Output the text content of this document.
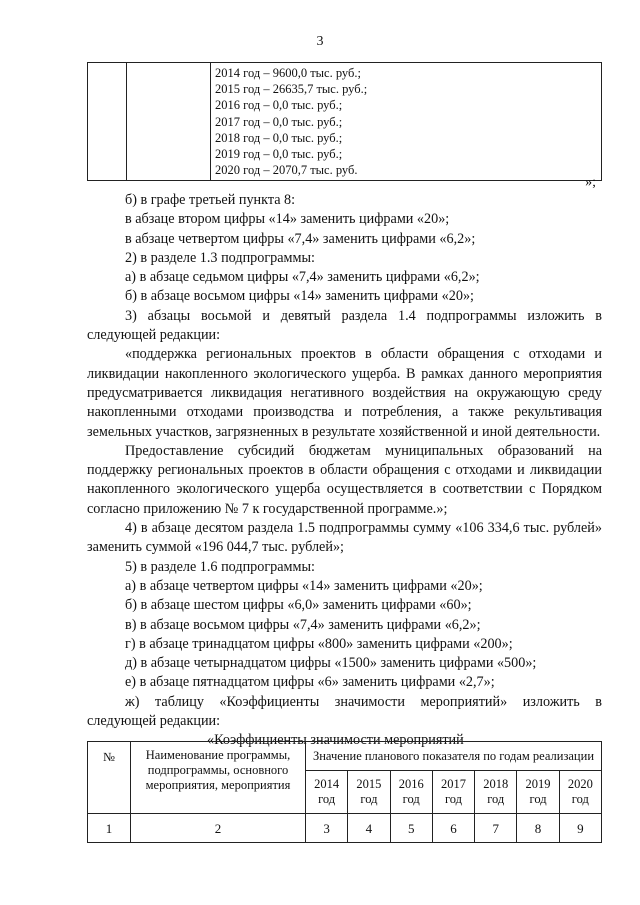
3

2014 год – 9600,0 тыс. руб.;
2015 год – 26635,7 тыс. руб.;
2016 год – 0,0 тыс. руб.;
2017 год – 0,0 тыс. руб.;
2018 год – 0,0 тыс. руб.;
2019 год – 0,0 тыс. руб.;
2020 год – 2070,7 тыс. руб.
»;

б) в графе третьей пункта 8:

в абзаце втором цифры «14» заменить цифрами «20»;

в абзаце четвертом цифры «7,4» заменить цифрами «6,2»;

2) в разделе 1.3 подпрограммы:

а) в абзаце седьмом цифры «7,4» заменить цифрами «6,2»;

б) в абзаце восьмом цифры «14» заменить цифрами «20»;

3) абзацы восьмой и девятый раздела 1.4 подпрограммы изложить в следующей редакции:

«поддержка региональных проектов в области обращения с отходами и ликвидации накопленного экологического ущерба. В рамках данного мероприятия предусматривается ликвидация негативного воздействия на окружающую среду накопленными отходами производства и потребления, а также рекультивация земельных участков, загрязненных в результате хозяйственной и иной деятельности.

Предоставление субсидий бюджетам муниципальных образований на поддержку региональных проектов в области обращения с отходами и ликвидации накопленного экологического ущерба осуществляется в соответствии с Порядком согласно приложению № 7 к государственной программе.»;

4) в абзаце десятом раздела 1.5 подпрограммы сумму «106 334,6 тыс. рублей» заменить суммой «196 044,7 тыс. рублей»;

5) в разделе 1.6 подпрограммы:

а) в абзаце четвертом цифры «14» заменить цифрами «20»;

б) в абзаце шестом цифры «6,0» заменить цифрами «60»;

в) в абзаце восьмом цифры «7,4» заменить цифрами «6,2»;

г) в абзаце тринадцатом цифры «800» заменить цифрами «200»;

д) в абзаце четырнадцатом цифры «1500» заменить цифрами «500»;

е) в абзаце пятнадцатом цифры «6» заменить цифрами «2,7»;

ж) таблицу «Коэффициенты значимости мероприятий» изложить в следующей редакции:

«Коэффициенты значимости мероприятий

№	Наименование программы, подпрограммы, основного мероприятия, мероприятия	Значение планового показателя по годам реализации						
		2014 год	2015 год	2016 год	2017 год	2018 год	2019 год	2020 год
1	2	3	4	5	6	7	8	9
